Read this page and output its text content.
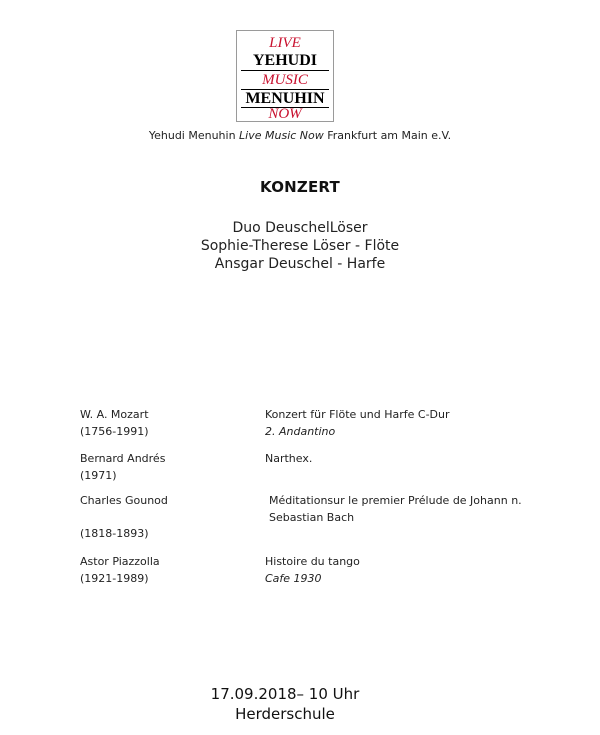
LIVE
YEHUDI
MUSIC
MENUHIN
NOW
Yehudi Menuhin Live Music Now Frankfurt am Main e.V.
KONZERT
Duo DeuschelLöser
Sophie-Therese Löser - Flöte
Ansgar Deuschel - Harfe
W. A. Mozart
(1756-1991)
Konzert für Flöte und Harfe C-Dur
2. Andantino
Bernard Andrés
(1971)
Narthex.
Charles Gounod
(1818-1893)
Méditationsur le premier Prélude de Johann n.
Sebastian Bach
Astor Piazzolla
(1921-1989)
Histoire du tango
Cafe 1930
17.09.2018– 10 Uhr
Herderschule
